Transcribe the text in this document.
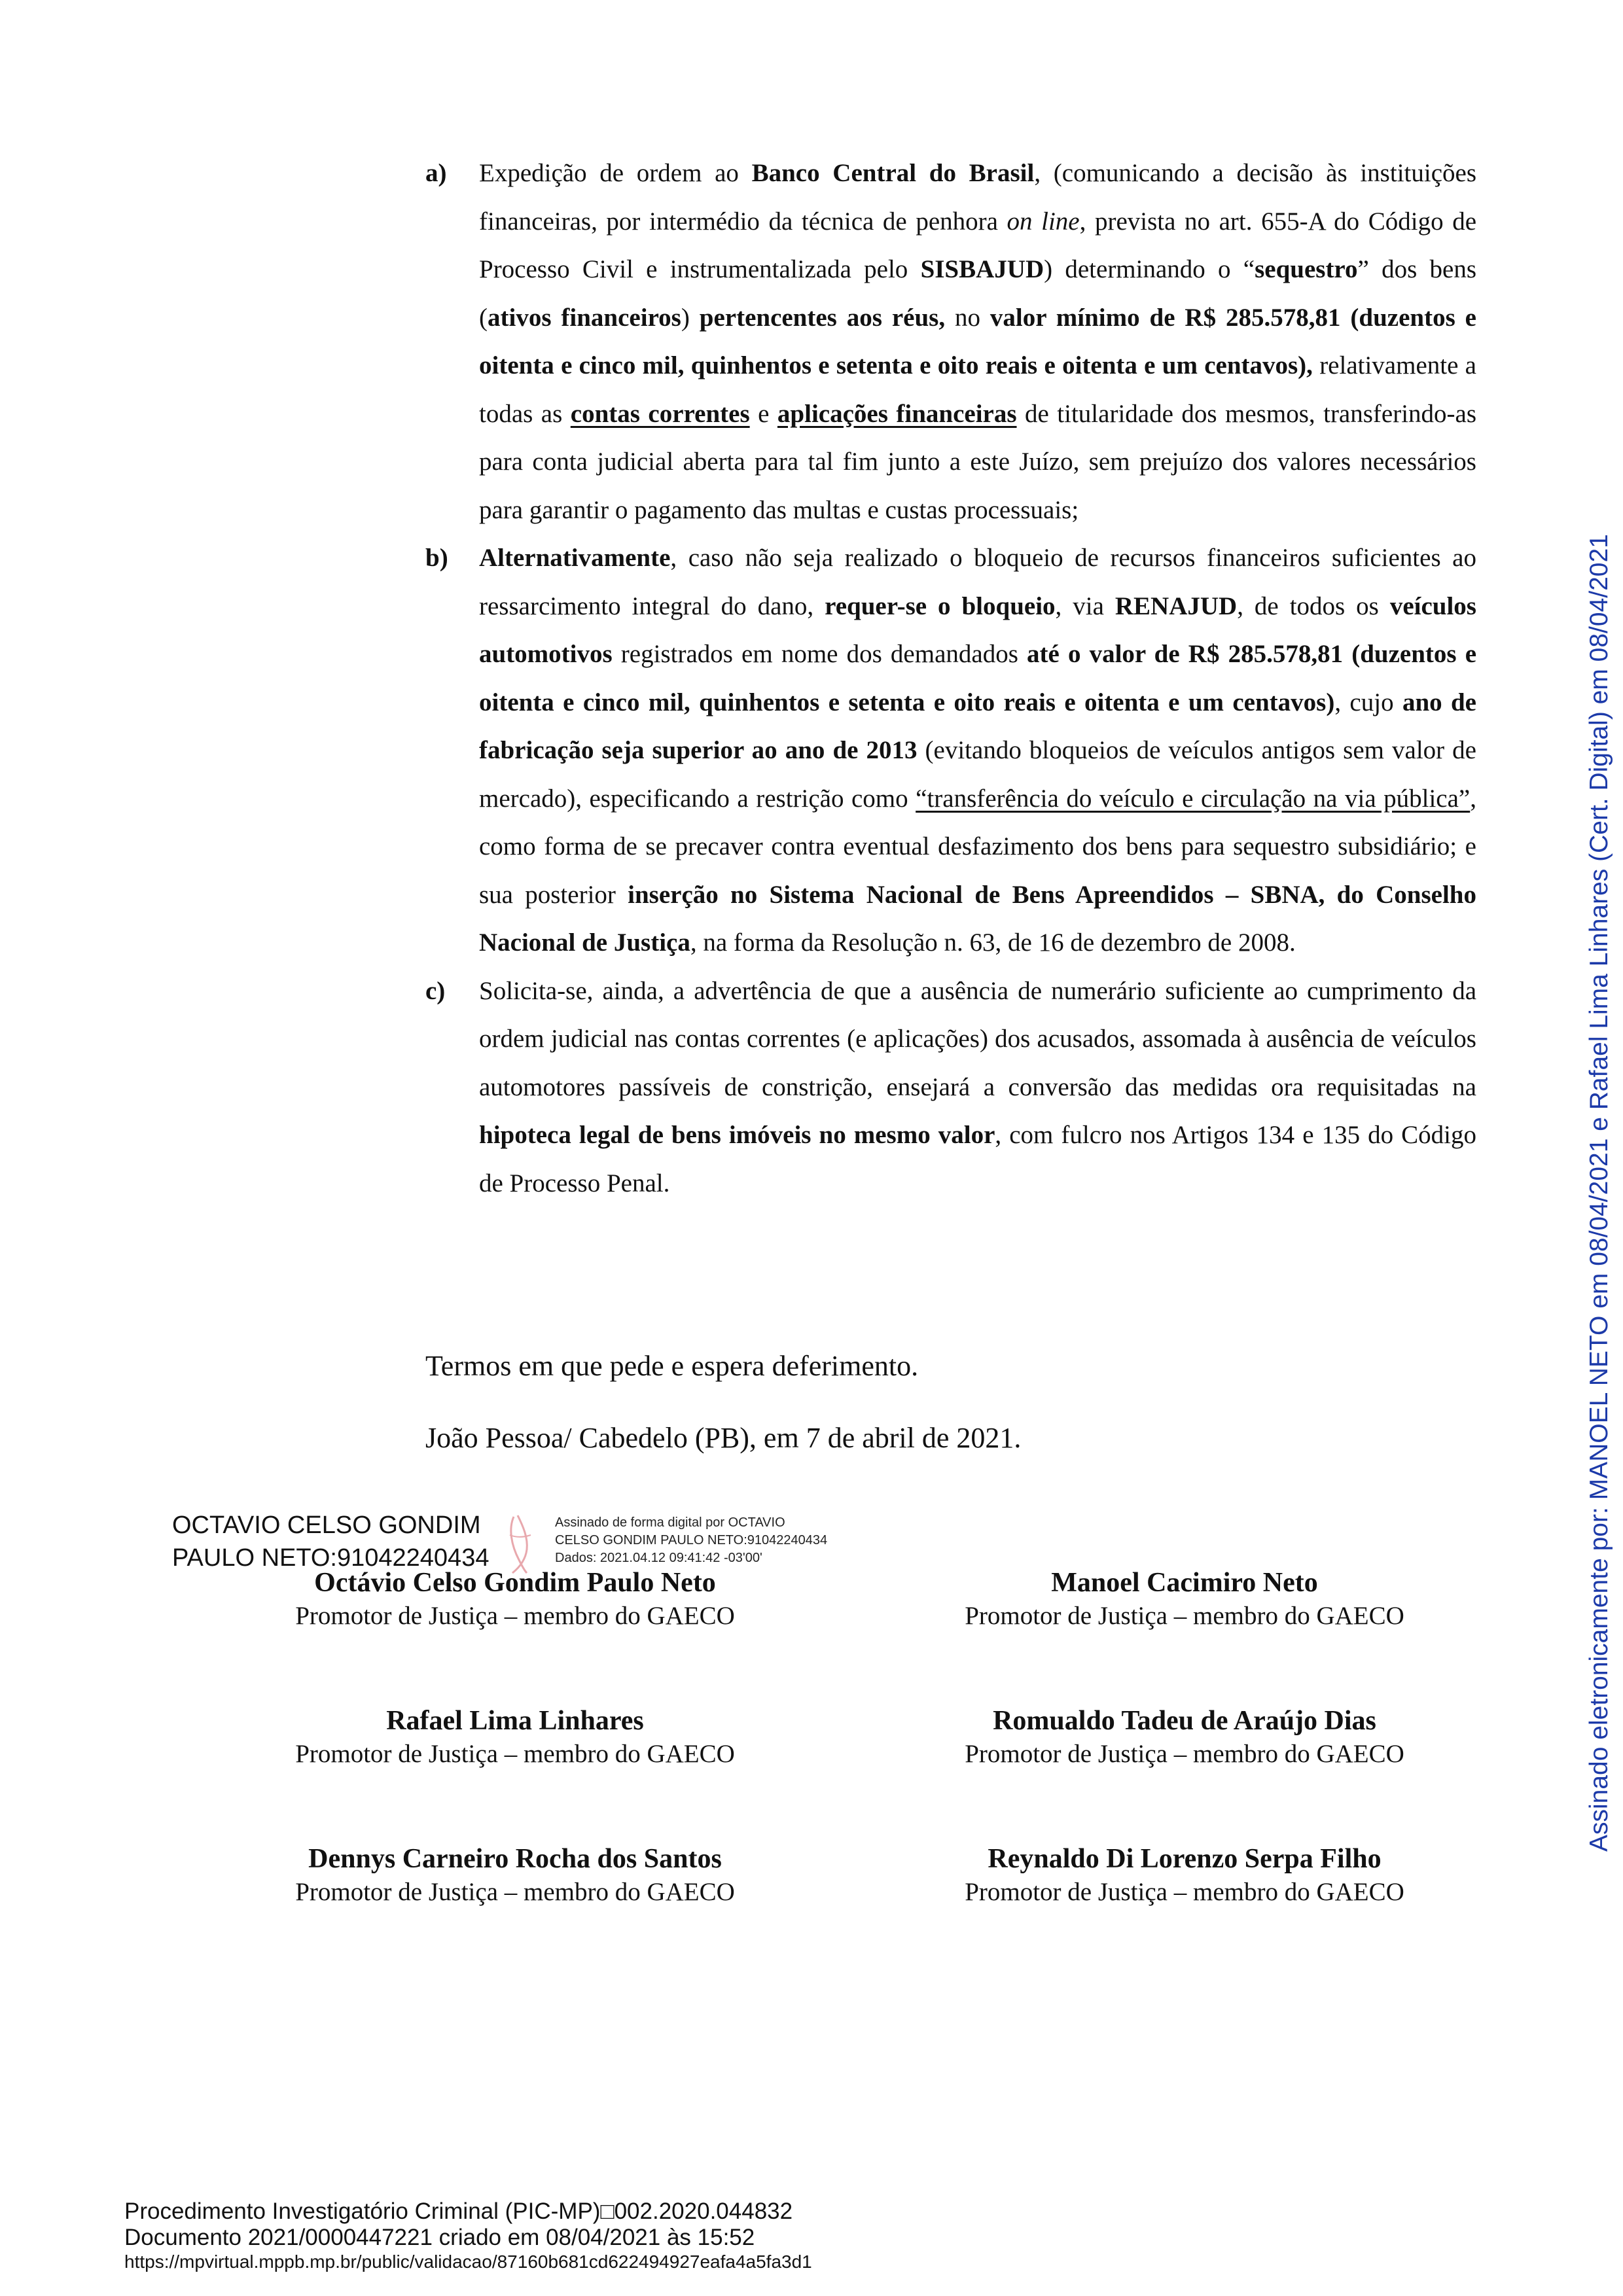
a) Expedição de ordem ao Banco Central do Brasil, (comunicando a decisão às instituições financeiras, por intermédio da técnica de penhora on line, prevista no art. 655-A do Código de Processo Civil e instrumentalizada pelo SISBAJUD) determinando o “sequestro” dos bens (ativos financeiros) pertencentes aos réus, no valor mínimo de R$ 285.578,81 (duzentos e oitenta e cinco mil, quinhentos e setenta e oito reais e oitenta e um centavos), relativamente a todas as contas correntes e aplicações financeiras de titularidade dos mesmos, transferindo-as para conta judicial aberta para tal fim junto a este Juízo, sem prejuízo dos valores necessários para garantir o pagamento das multas e custas processuais;

b) Alternativamente, caso não seja realizado o bloqueio de recursos financeiros suficientes ao ressarcimento integral do dano, requer-se o bloqueio, via RENAJUD, de todos os veículos automotivos registrados em nome dos demandados até o valor de R$ 285.578,81 (duzentos e oitenta e cinco mil, quinhentos e setenta e oito reais e oitenta e um centavos), cujo ano de fabricação seja superior ao ano de 2013 (evitando bloqueios de veículos antigos sem valor de mercado), especificando a restrição como “transferência do veículo e circulação na via pública”, como forma de se precaver contra eventual desfazimento dos bens para sequestro subsidiário; e sua posterior inserção no Sistema Nacional de Bens Apreendidos – SBNA, do Conselho Nacional de Justiça, na forma da Resolução n. 63, de 16 de dezembro de 2008.

c) Solicita-se, ainda, a advertência de que a ausência de numerário suficiente ao cumprimento da ordem judicial nas contas correntes (e aplicações) dos acusados, assomada à ausência de veículos automotores passíveis de constrição, ensejará a conversão das medidas ora requisitadas na hipoteca legal de bens imóveis no mesmo valor, com fulcro nos Artigos 134 e 135 do Código de Processo Penal.

Termos em que pede e espera deferimento.
João Pessoa/ Cabedelo (PB), em 7 de abril de 2021.
OCTAVIO CELSO GONDIM
PAULO NETO:91042240434
Assinado de forma digital por OCTAVIO
CELSO GONDIM PAULO NETO:91042240434
Dados: 2021.04.12 09:41:42 -03'00'
Octávio Celso Gondim Paulo Neto
Promotor de Justiça – membro do GAECO
Manoel Cacimiro Neto
Promotor de Justiça – membro do GAECO
Rafael Lima Linhares
Promotor de Justiça – membro do GAECO
Romualdo Tadeu de Araújo Dias
Promotor de Justiça – membro do GAECO
Dennys Carneiro Rocha dos Santos
Promotor de Justiça – membro do GAECO
Reynaldo Di Lorenzo Serpa Filho
Promotor de Justiça – membro do GAECO
Assinado eletronicamente por: MANOEL NETO em 08/04/2021 e Rafael Lima Linhares (Cert. Digital) em 08/04/2021
Procedimento Investigatório Criminal (PIC-MP)□002.2020.044832
Documento 2021/0000447221 criado em 08/04/2021 às 15:52
https://mpvirtual.mppb.mp.br/public/validacao/87160b681cd622494927eafa4a5fa3d1
